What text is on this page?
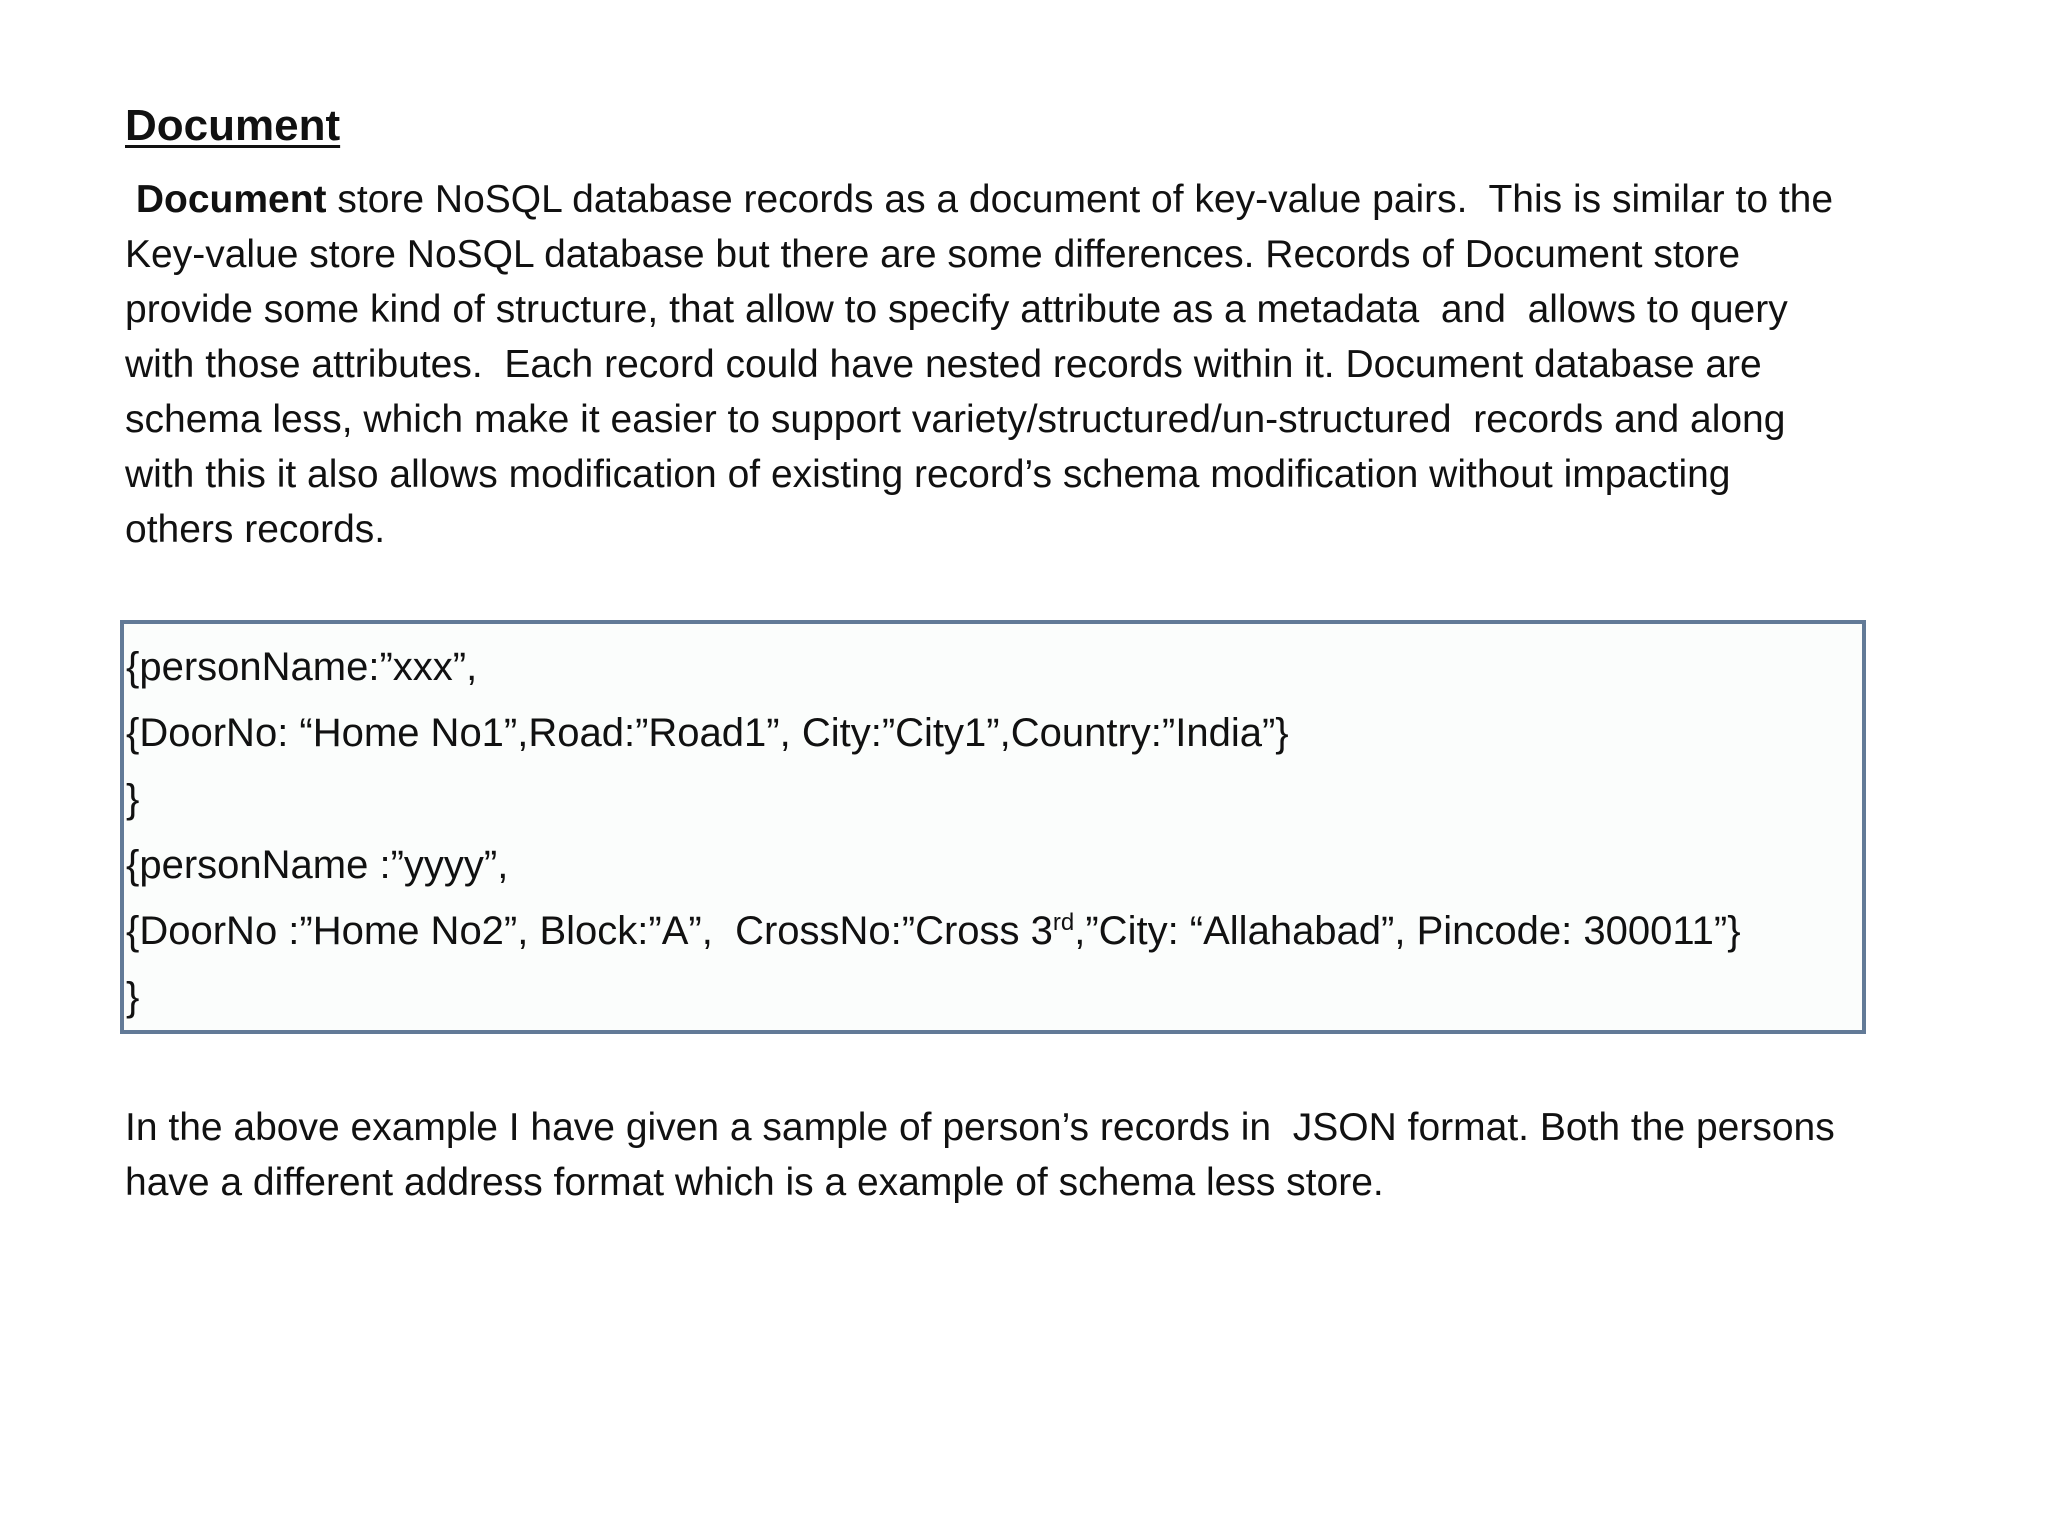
Document
Document store NoSQL database records as a document of key-value pairs.  This is similar to the
Key-value store NoSQL database but there are some differences. Records of Document store
provide some kind of structure, that allow to specify attribute as a metadata  and  allows to query
with those attributes.  Each record could have nested records within it. Document database are
schema less, which make it easier to support variety/structured/un-structured  records and along
with this it also allows modification of existing record’s schema modification without impacting
others records.
{personName:”xxx”,
{DoorNo: “Home No1”,Road:”Road1”, City:”City1”,Country:”India”}
}
{personName :”yyyy”,
{DoorNo :”Home No2”, Block:”A”,  CrossNo:”Cross 3rd,”City: “Allahabad”, Pincode: 300011”}
}
In the above example I have given a sample of person’s records in  JSON format. Both the persons
have a different address format which is a example of schema less store.
